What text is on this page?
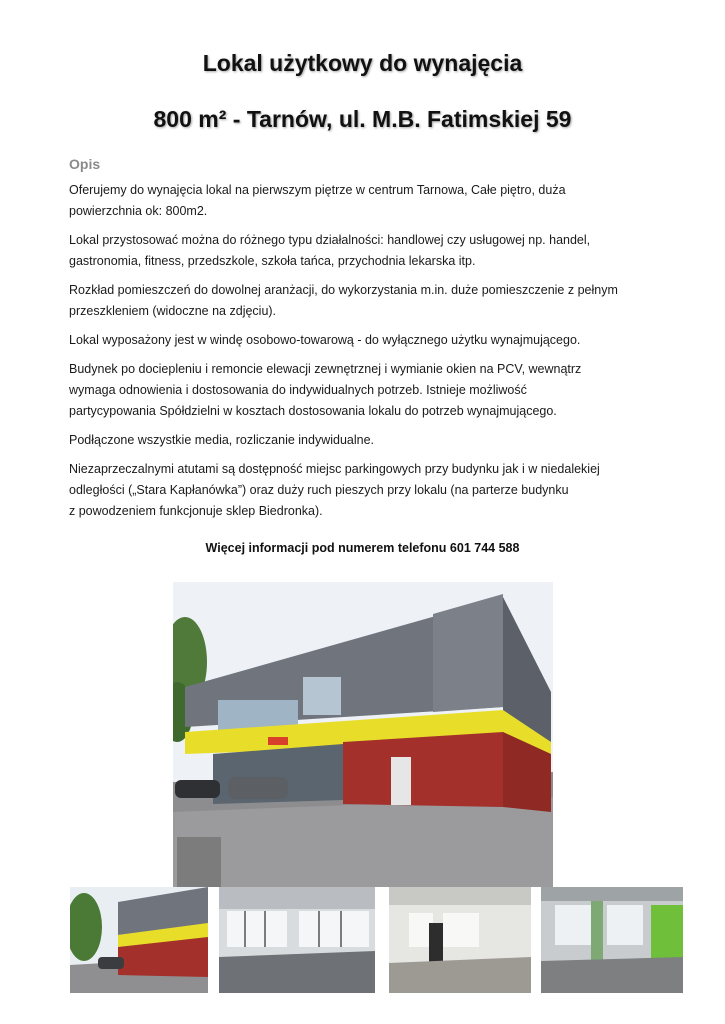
Lokal użytkowy do wynajęcia
800 m² - Tarnów, ul. M.B. Fatimskiej 59
Opis

Oferujemy do wynajęcia lokal na pierwszym piętrze w centrum Tarnowa, Całe piętro, duża
powierzchnia ok: 800m2.

Lokal przystosować można do różnego typu działalności: handlowej czy usługowej np. handel,
gastronomia, fitness, przedszkole, szkoła tańca, przychodnia lekarska itp.

Rozkład pomieszczeń do dowolnej aranżacji, do wykorzystania m.in. duże pomieszczenie z pełnym
przeszkleniem (widoczne na zdjęciu).

Lokal wyposażony jest w windę osobowo-towarową - do wyłącznego użytku wynajmującego.

Budynek po dociepleniu i remoncie elewacji zewnętrznej i wymianie okien na PCV, wewnątrz
wymaga odnowienia i dostosowania do indywidualnych potrzeb. Istnieje możliwość
partycypowania Spółdzielni w kosztach dostosowania lokalu do potrzeb wynajmującego.

Podłączone wszystkie media, rozliczanie indywidualne.

Niezaprzeczalnymi atutami są dostępność miejsc parkingowych przy budynku jak i w niedalekiej
odległości („Stara Kapłanówka”) oraz duży ruch pieszych przy lokalu (na parterze budynku
z powodzeniem funkcjonuje sklep Biedronka).

Więcej informacji pod numerem telefonu 601 744 588
